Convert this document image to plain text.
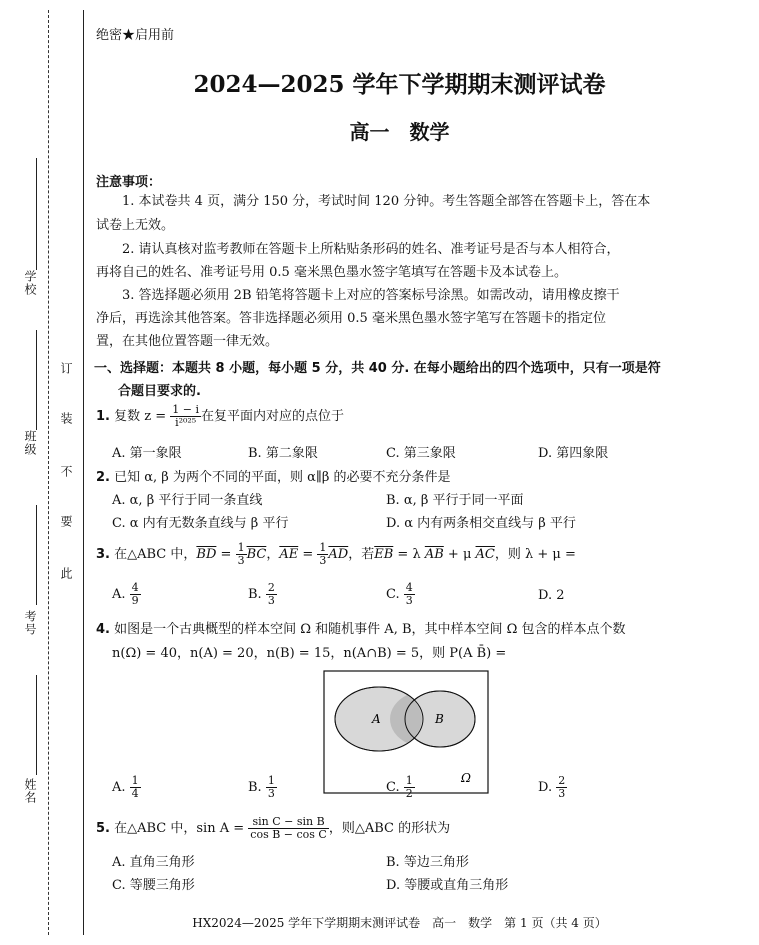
学校
班级
考号
姓名
订
装
不
要
此
绝密★启用前
2024—2025 学年下学期期末测评试卷
高一　数学
注意事项：
1. 本试卷共 4 页，满分 150 分，考试时间 120 分钟。考生答题全部答在答题卡上，答在本
试卷上无效。
2. 请认真核对监考教师在答题卡上所粘贴条形码的姓名、准考证号是否与本人相符合，
再将自己的姓名、准考证号用 0.5 毫米黑色墨水签字笔填写在答题卡及本试卷上。
3. 答选择题必须用 2B 铅笔将答题卡上对应的答案标号涂黑。如需改动，请用橡皮擦干
净后，再选涂其他答案。答非选择题必须用 0.5 毫米黑色墨水签字笔写在答题卡的指定位
置，在其他位置答题一律无效。
一、选择题：本题共 8 小题，每小题 5 分，共 40 分. 在每小题给出的四个选项中，只有一项是符
合题目要求的.
1. 复数 $z = \frac{1 - i}{\text{i²⁰²⁵}}$ 在复平面内对应的点位于
A. 第一象限	B. 第二象限	C. 第三象限	D. 第四象限
2. 已知 α, β 为两个不同的平面，则 α∥β 的必要不充分条件是
A. α, β 平行于同一条直线	B. α, β 平行于同一平面
C. α 内有无数条直线与 β 平行	D. α 内有两条相交直线与 β 平行
3. 在△ABC 中，$\overline{BD} = \frac{1}{3} \overline{BC}$，$\overline{AE} = \frac{1}{3} \overline{AD}$，若$\overline{EB} = \lambda$ $\overline{AB} + \mu$ $\overline{AC}$，则 λ + μ =
A. $\frac{4}{9}$	B. $\frac{2}{3}$	C. $\frac{4}{3}$	D. 2
4. 如图是一个古典概型的样本空间 Ω 和随机事件 A, B，其中样本空间 Ω 包含的样本点个数
n(Ω) = 40，n(A) = 20，n(B) = 15，n(A∩B) = 5，则 P(A B̄) =
A	B
Ω
A. $\frac{1}{4}$	B. $\frac{1}{3}$	C. $\frac{1}{2}$	D. $\frac{2}{3}$
5. 在△ABC 中，$\sin A = \frac{\text{sin C − sin B}}{\text{cos B − cos C}}$ ，则△ABC 的形状为
A. 直角三角形	B. 等边三角形
C. 等腰三角形	D. 等腰或直角三角形
HX2024—2025 学年下学期期末测评试卷　高一　数学　第 1 页（共 4 页）
